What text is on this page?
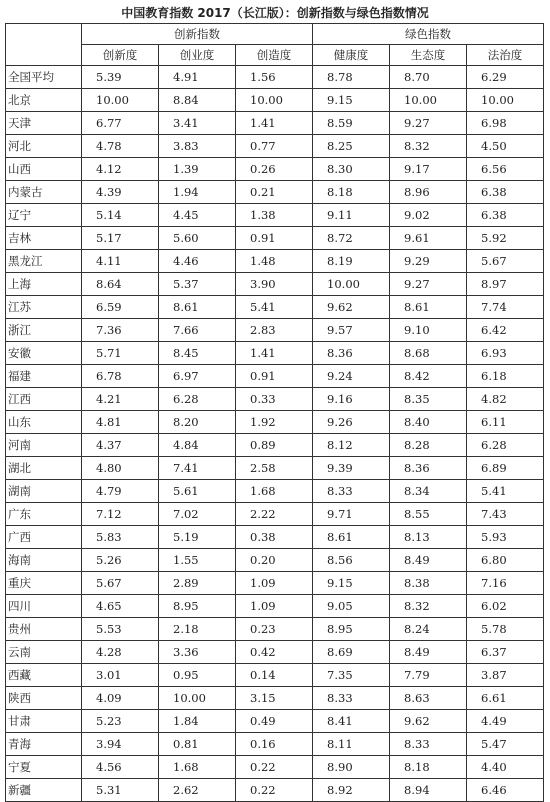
中国教育指数 2017（长江版）：创新指数与绿色指数情况
	创新指数			绿色指数		
	创新度	创业度	创造度	健康度	生态度	法治度
全国平均	5.39	4.91	1.56	8.78	8.70	6.29
北京	10.00	8.84	10.00	9.15	10.00	10.00
天津	6.77	3.41	1.41	8.59	9.27	6.98
河北	4.78	3.83	0.77	8.25	8.32	4.50
山西	4.12	1.39	0.26	8.30	9.17	6.56
内蒙古	4.39	1.94	0.21	8.18	8.96	6.38
辽宁	5.14	4.45	1.38	9.11	9.02	6.38
吉林	5.17	5.60	0.91	8.72	9.61	5.92
黑龙江	4.11	4.46	1.48	8.19	9.29	5.67
上海	8.64	5.37	3.90	10.00	9.27	8.97
江苏	6.59	8.61	5.41	9.62	8.61	7.74
浙江	7.36	7.66	2.83	9.57	9.10	6.42
安徽	5.71	8.45	1.41	8.36	8.68	6.93
福建	6.78	6.97	0.91	9.24	8.42	6.18
江西	4.21	6.28	0.33	9.16	8.35	4.82
山东	4.81	8.20	1.92	9.26	8.40	6.11
河南	4.37	4.84	0.89	8.12	8.28	6.28
湖北	4.80	7.41	2.58	9.39	8.36	6.89
湖南	4.79	5.61	1.68	8.33	8.34	5.41
广东	7.12	7.02	2.22	9.71	8.55	7.43
广西	5.83	5.19	0.38	8.61	8.13	5.93
海南	5.26	1.55	0.20	8.56	8.49	6.80
重庆	5.67	2.89	1.09	9.15	8.38	7.16
四川	4.65	8.95	1.09	9.05	8.32	6.02
贵州	5.53	2.18	0.23	8.95	8.24	5.78
云南	4.28	3.36	0.42	8.69	8.49	6.37
西藏	3.01	0.95	0.14	7.35	7.79	3.87
陕西	4.09	10.00	3.15	8.33	8.63	6.61
甘肃	5.23	1.84	0.49	8.41	9.62	4.49
青海	3.94	0.81	0.16	8.11	8.33	5.47
宁夏	4.56	1.68	0.22	8.90	8.18	4.40
新疆	5.31	2.62	0.22	8.92	8.94	6.46
